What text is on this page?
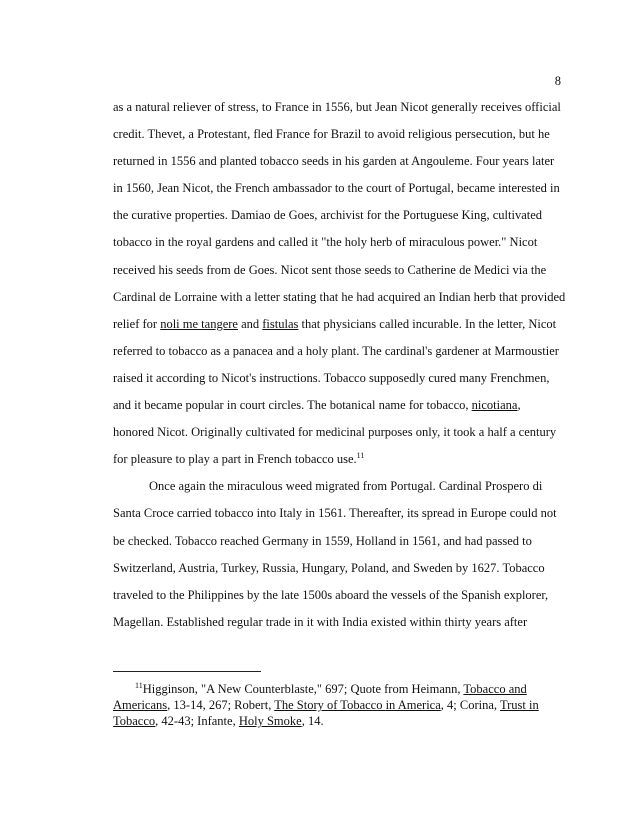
8
as a natural reliever of stress, to France in 1556, but Jean Nicot generally receives official
credit. Thevet, a Protestant, fled France for Brazil to avoid religious persecution, but he
returned in 1556 and planted tobacco seeds in his garden at Angouleme. Four years later
in 1560, Jean Nicot, the French ambassador to the court of Portugal, became interested in
the curative properties. Damiao de Goes, archivist for the Portuguese King, cultivated
tobacco in the royal gardens and called it "the holy herb of miraculous power." Nicot
received his seeds from de Goes. Nicot sent those seeds to Catherine de Medici via the
Cardinal de Lorraine with a letter stating that he had acquired an Indian herb that provided
relief for noli me tangere and fistulas that physicians called incurable. In the letter, Nicot
referred to tobacco as a panacea and a holy plant. The cardinal's gardener at Marmoustier
raised it according to Nicot's instructions. Tobacco supposedly cured many Frenchmen,
and it became popular in court circles. The botanical name for tobacco, nicotiana,
honored Nicot. Originally cultivated for medicinal purposes only, it took a half a century
for pleasure to play a part in French tobacco use.$^{11}$
Once again the miraculous weed migrated from Portugal. Cardinal Prospero di
Santa Croce carried tobacco into Italy in 1561. Thereafter, its spread in Europe could not
be checked. Tobacco reached Germany in 1559, Holland in 1561, and had passed to
Switzerland, Austria, Turkey, Russia, Hungary, Poland, and Sweden by 1627. Tobacco
traveled to the Philippines by the late 1500s aboard the vessels of the Spanish explorer,
Magellan. Established regular trade in it with India existed within thirty years after
$^{11}$Higginson, "A New Counterblaste," 697; Quote from Heimann, Tobacco and
Americans, 13-14, 267; Robert, The Story of Tobacco in America, 4; Corina, Trust in
Tobacco, 42-43; Infante, Holy Smoke, 14.
